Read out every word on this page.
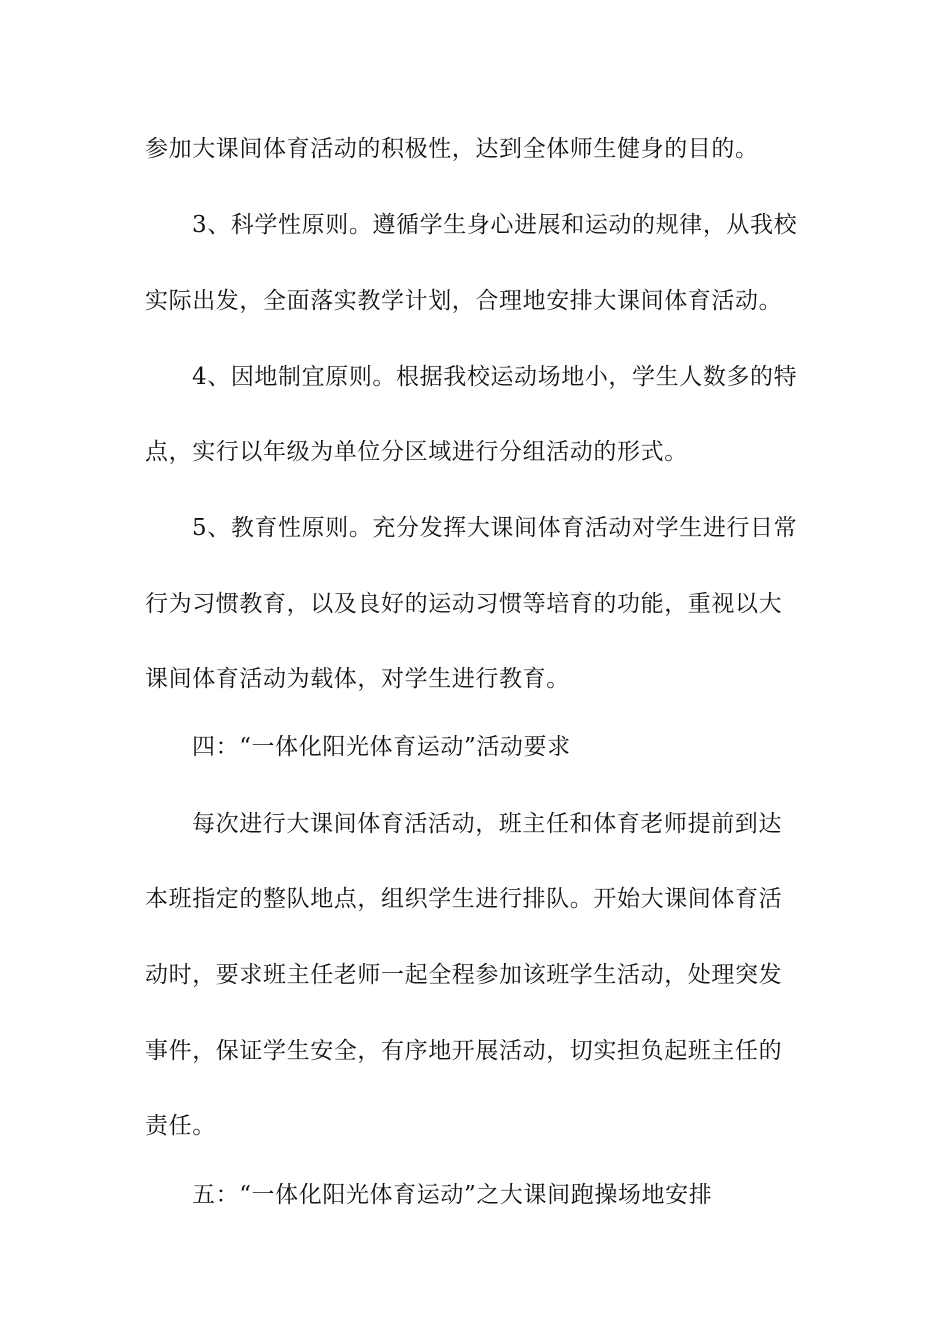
参加大课间体育活动的积极性，达到全体师生健身的目的。
3、科学性原则。遵循学生身心进展和运动的规律，从我校
实际出发，全面落实教学计划，合理地安排大课间体育活动。
4、因地制宜原则。根据我校运动场地小，学生人数多的特
点，实行以年级为单位分区域进行分组活动的形式。
5、教育性原则。充分发挥大课间体育活动对学生进行日常
行为习惯教育，以及良好的运动习惯等培育的功能，重视以大
课间体育活动为载体，对学生进行教育。
四：“一体化阳光体育运动”活动要求
每次进行大课间体育活活动，班主任和体育老师提前到达
本班指定的整队地点，组织学生进行排队。开始大课间体育活
动时，要求班主任老师一起全程参加该班学生活动，处理突发
事件，保证学生安全，有序地开展活动，切实担负起班主任的
责任。
五：“一体化阳光体育运动”之大课间跑操场地安排
